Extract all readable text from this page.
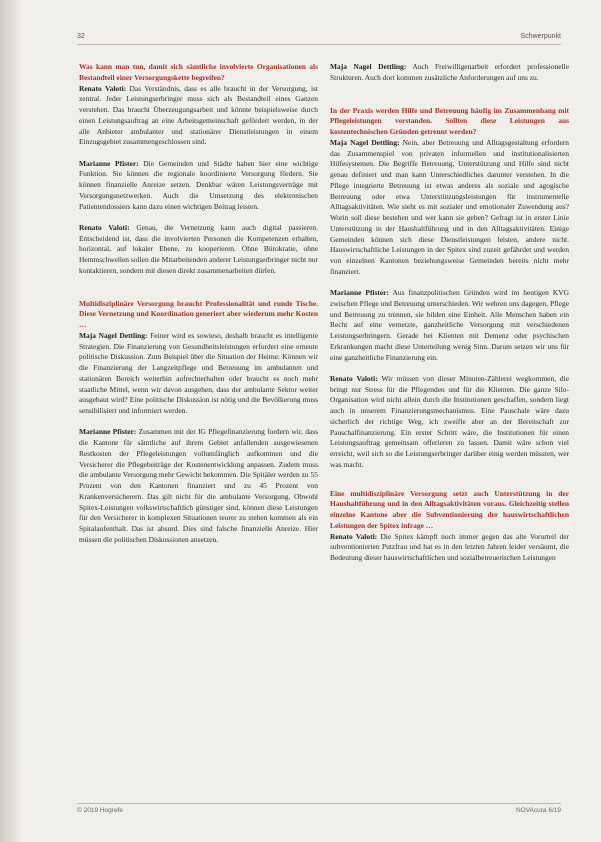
32	Schwerpunkt

Was kann man tun, damit sich sämtliche involvierte Organisationen als Bestandteil einer Versorgungskette begreifen?
Renato Valoti: Das Verständnis, dass es alle braucht in der Versorgung, ist zentral. Jeder Leistungserbringer muss sich als Bestandteil eines Ganzen verstehen. Das braucht Überzeugungsarbeit und könnte beispielsweise durch einen Leistungsauftrag an eine Arbeitsgemeinschaft gefördert werden, in der alle Anbieter ambulanter und stationärer Dienstleistungen in einem Einzugsgebiet zusammengeschlossen sind.

Marianne Pfister: Die Gemeinden und Städte haben hier eine wichtige Funktion. Sie können die regionale koordinierte Versorgung fördern. Sie können finanzielle Anreize setzen. Denkbar wären Leistungsverträge mit Versorgungsnetzwerken. Auch die Umsetzung des elektronischen Patientendossiers kann dazu einen wichtigen Beitrag leisten.

Renato Valoti: Genau, die Vernetzung kann auch digital passieren. Entscheidend ist, dass die involvierten Personen die Kompetenzen erhalten, horizontal, auf lokaler Ebene, zu kooperieren. Ohne Bürokratie, ohne Hemmschwellen sollen die Mitarbeitenden anderer Leistungserbringer nicht nur kontaktieren, sondern mit diesen direkt zusammenarbeiten dürfen.

Multidisziplinäre Versorgung braucht Professionalität und runde Tische. Diese Vernetzung und Koordination generiert aber wiederum mehr Kosten …
Maja Nagel Dettling: Feiner wird es sowieso, deshalb braucht es intelligente Strategien. Die Finanzierung von Gesundheitsleistungen erfordert eine erneute politische Diskussion. Zum Beispiel über die Situation der Heime: Können wir die Finanzierung der Langzeitpflege und Betreuung im ambulanten und stationären Bereich weiterhin aufrechterhalten oder braucht es noch mehr staatliche Mittel, wenn wir davon ausgehen, dass der ambulante Sektor weiter ausgebaut wird? Eine politische Diskussion ist nötig und die Bevölkerung muss sensibilisiert und informiert werden.

Marianne Pfister: Zusammen mit der IG Pflegefinanzierung fordern wir, dass die Kantone für sämtliche auf ihrem Gebiet anfallenden ausgewiesenen Restkosten der Pflegeleistungen vollumfänglich aufkommen und die Versicherer die Pflegebeiträge der Kostenentwicklung anpassen. Zudem muss die ambulante Versorgung mehr Gewicht bekommen. Die Spitäler werden zu 55 Prozent von den Kantonen finanziert und zu 45 Prozent von Krankenversicherern. Das gilt nicht für die ambulante Versorgung. Obwohl Spitex-Leistungen volkswirtschaftlich günstiger sind, können diese Leistungen für den Versicherer in komplexen Situationen teurer zu stehen kommen als ein Spitalaufenthalt. Das ist absurd. Dies sind falsche finanzielle Anreize. Hier müssen die politischen Diskussionen ansetzen.

Maja Nagel Dettling: Auch Freiwilligenarbeit erfordert professionelle Strukturen. Auch dort kommen zusätzliche Anforderungen auf uns zu.

In der Praxis werden Hilfe und Betreuung häufig im Zusammenhang mit Pflegeleistungen verstanden. Sollten diese Leistungen aus kostentechnischen Gründen getrennt werden?
Maja Nagel Dettling: Nein, aber Betreuung und Alltagsgestaltung erfordern das Zusammenspiel von privaten informellen und institutionalisierten Hilfesystemen. Die Begriffe Betreuung, Unterstützung und Hilfe sind nicht genau definiert und man kann Unterschiedliches darunter verstehen. In die Pflege integrierte Betreuung ist etwas anderes als soziale und agogische Betreuung oder etwa Unterstützungsleistungen für instrumentelle Alltagsaktivitäten. Wie sieht es mit sozialer und emotionaler Zuwendung aus? Worin soll diese bestehen und wer kann sie geben? Gefragt ist in erster Linie Unterstützung in der Haushaltführung und in den Alltagsaktivitäten. Einige Gemeinden können sich diese Dienstleistungen leisten, andere nicht. Hauswirtschaftliche Leistungen in der Spitex sind zuzeit gefährdet und werden von einzelnen Kantonen beziehungsweise Gemeinden bereits nicht mehr finanziert.

Marianne Pfister: Aus finanzpolitischen Gründen wird im heutigen KVG zwischen Pflege und Betreuung unterschieden. Wir wehren uns dagegen, Pflege und Betreuung zu trennen, sie bilden eine Einheit. Alle Menschen haben ein Recht auf eine vernetzte, ganzheitliche Versorgung mit verschiedenen Leistungserbringern. Gerade bei Klienten mit Demenz oder psychischen Erkrankungen macht diese Unterteilung wenig Sinn. Darum setzen wir uns für eine ganzheitliche Finanzierung ein.

Renato Valoti: Wir müssen von dieser Minuten-Zählerei wegkommen, die bringt nur Stress für die Pflegenden und für die Klienten. Die ganze Silo-Organisation wird nicht allein durch die Institutionen geschaffen, sondern liegt auch in unserem Finanzierungsmechanismus. Eine Pauschale wäre dazu sicherlich der richtige Weg, ich zweifle aber an der Bereitschaft zur Pauschalfinanzierung. Ein erster Schritt wäre, die Institutionen für einen Leistungsauftrag gemeinsam offerieren zu lassen. Damit wäre schon viel erreicht, weil sich so die Leistungserbringer darüber einig werden müssten, wer was macht.

Eine multidisziplinäre Versorgung setzt auch Unterstützung in der Haushaltführung und in den Alltagsaktivitäten voraus. Gleichzeitig stellen einzelne Kantone aber die Subventionierung der hauswirtschaftlichen Leistungen der Spitex infrage …
Renato Valoti: Die Spitex kämpft noch immer gegen das alte Vorurteil der subventionierten Putzfrau und hat es in den letzten Jahren leider versäumt, die Bedeutung dieser hauswirtschaftlichen und sozialbetreuerischen Leistungen

© 2019 Hogrefe	NOVAcura 6/19
